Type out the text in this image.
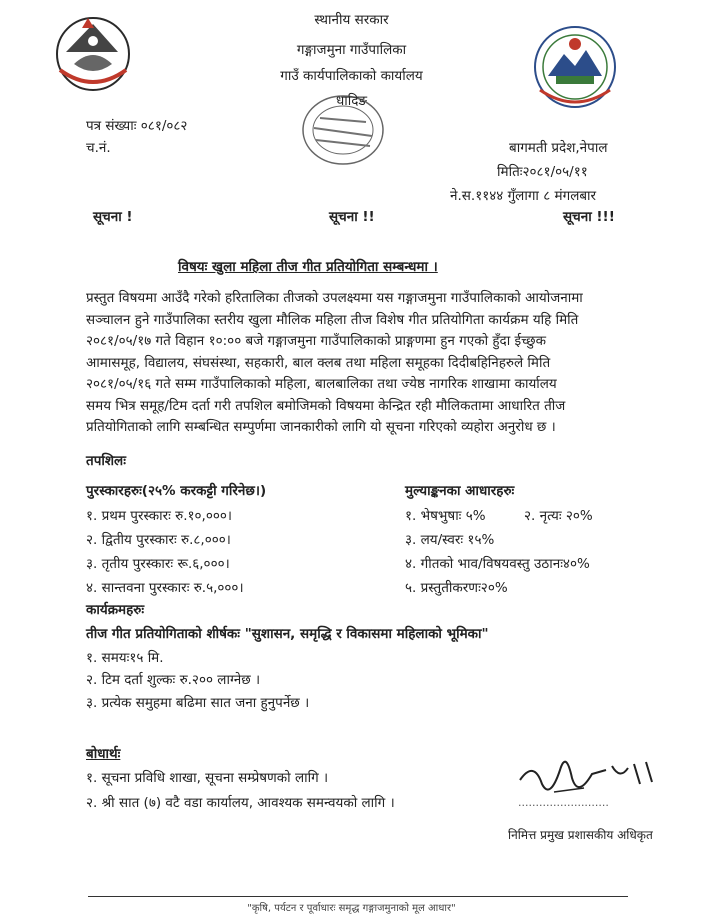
स्थानीय सरकार
गङ्गाजमुना गाउँपालिका
गाउँ कार्यपालिकाको कार्यालय
धादिङ
पत्र संख्याः ०८१/०८२
च.नं.	बागमती प्रदेश,नेपाल
मितिः२०८१/०५/११
ने.स.११४४ गुँलागा ८ मंगलबार
सूचना !	सूचना !!	सूचना !!!
विषयः खुला महिला तीज गीत प्रतियोगिता सम्बन्धमा ।
प्रस्तुत विषयमा आउँदै गरेको हरितालिका तीजको उपलक्ष्यमा यस गङ्गाजमुना गाउँपालिकाको आयोजनामा
सञ्चालन हुने गाउँपालिका स्तरीय खुला मौलिक महिला तीज विशेष गीत प्रतियोगिता कार्यक्रम यहि मिति
२०८१/०५/१७ गते विहान १०:०० बजे गङ्गाजमुना गाउँपालिकाको प्राङ्गणमा हुन गएको हुँदा ईच्छुक
आमासमूह, विद्यालय, संघसंस्था, सहकारी, बाल क्लब तथा महिला समूहका दिदीबहिनिहरुले मिति
२०८१/०५/१६ गते सम्म गाउँपालिकाको महिला, बालबालिका तथा ज्येष्ठ नागरिक शाखामा कार्यालय
समय भित्र समूह/टिम दर्ता गरी तपशिल बमोजिमको विषयमा केन्द्रित रही मौलिकतामा आधारित तीज
प्रतियोगिताको लागि सम्बन्धित सम्पुर्णमा जानकारीको लागि यो सूचना गरिएको व्यहोरा अनुरोध छ ।
तपशिलः
पुरस्कारहरुः(२५% करकट्टी गरिनेछ।)
१. प्रथम पुरस्कारः रु.१०,०००।
२. द्वितीय पुरस्कारः रु.८,०००।
३. तृतीय पुरस्कारः रू.६,०००।
४. सान्तवना पुरस्कारः रु.५,०००।
मुल्याङ्कनका आधारहरुः
१. भेषभुषाः ५%	२. नृत्यः २०%
३. लय/स्वरः १५%
४. गीतको भाव/विषयवस्तु उठानः४०%
५. प्रस्तुतीकरणः२०%
कार्यक्रमहरुः
तीज गीत प्रतियोगिताको शीर्षकः "सुशासन, समृद्धि र विकासमा महिलाको भूमिका"
१. समयः१५ मि.
२. टिम दर्ता शुल्कः रु.२०० लाग्नेछ ।
३. प्रत्येक समुहमा बढिमा सात जना हुनुपर्नेछ ।
बोधार्थः
१. सूचना प्रविधि शाखा, सूचना सम्प्रेषणको लागि ।
२. श्री सात (७) वटै वडा कार्यालय, आवश्यक समन्वयको लागि ।	..........................
निमित्त प्रमुख प्रशासकीय अधिकृत
"कृषि, पर्यटन र पूर्वाधारः समृद्ध गङ्गाजमुनाको मूल आधार"
